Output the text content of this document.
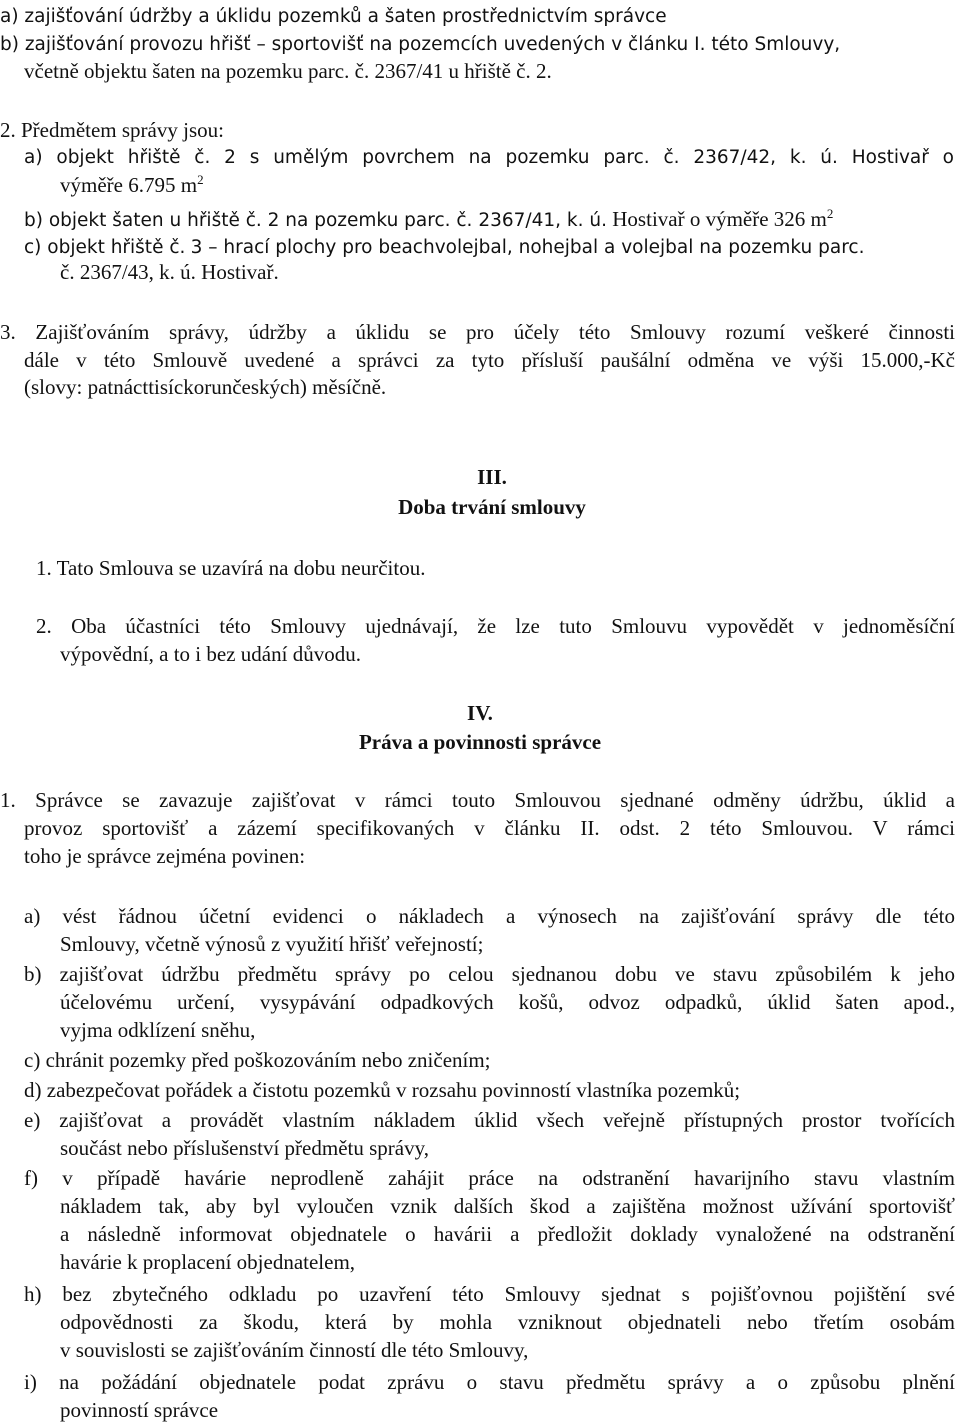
a) zajišťování údržby a úklidu pozemků a šaten prostřednictvím správce
b) zajišťování provozu hřišť – sportovišť na pozemcích uvedených v článku I. této Smlouvy,
včetně objektu šaten na pozemku parc. č. 2367/41 u hřiště č. 2.
2. Předmětem správy jsou:
a) objekt hřiště č. 2 s umělým povrchem na pozemku parc. č. 2367/42, k. ú. Hostivař o
výměře 6.795 $m^2$
b) objekt šaten u hřiště č. 2 na pozemku parc. č. 2367/41, k. ú. Hostivař o výměře 326 $m^2$
c) objekt hřiště č. 3 – hrací plochy pro beachvolejbal, nohejbal a volejbal na pozemku parc.
č. 2367/43, k. ú. Hostivař.
3. Zajišťováním správy, údržby a úklidu se pro účely této Smlouvy rozumí veškeré činnosti
dále v této Smlouvě uvedené a správci za tyto přísluší paušální odměna ve výši 15.000,-Kč
(slovy: patnácttisíckorunčeských) měsíčně.
III.
Doba trvání smlouvy
1. Tato Smlouva se uzavírá na dobu neurčitou.
2. Oba účastníci této Smlouvy ujednávají, že lze tuto Smlouvu vypovědět v jednoměsíční
výpovědní, a to i bez udání důvodu.
IV.
Práva a povinnosti správce
1. Správce se zavazuje zajišťovat v rámci touto Smlouvou sjednané odměny údržbu, úklid a
provoz sportovišť a zázemí specifikovaných v článku II. odst. 2 této Smlouvou. V rámci
toho je správce zejména povinen:
a) vést řádnou účetní evidenci o nákladech a výnosech na zajišťování správy dle této
Smlouvy, včetně výnosů z využití hřišť veřejností;
b) zajišťovat údržbu předmětu správy po celou sjednanou dobu ve stavu způsobilém k jeho
účelovému určení, vysypávání odpadkových košů, odvoz odpadků, úklid šaten apod.,
vyjma odklízení sněhu,
c) chránit pozemky před poškozováním nebo zničením;
d) zabezpečovat pořádek a čistotu pozemků v rozsahu povinností vlastníka pozemků;
e) zajišťovat a provádět vlastním nákladem úklid všech veřejně přístupných prostor tvořících
součást nebo příslušenství předmětu správy,
f) v případě havárie neprodleně zahájit práce na odstranění havarijního stavu vlastním
nákladem tak, aby byl vyloučen vznik dalších škod a zajištěna možnost užívání sportovišť
a následně informovat objednatele o havárii a předložit doklady vynaložené na odstranění
havárie k proplacení objednatelem,
h) bez zbytečného odkladu po uzavření této Smlouvy sjednat s pojišťovnou pojištění své
odpovědnosti za škodu, která by mohla vzniknout objednateli nebo třetím osobám
v souvislosti se zajišťováním činností dle této Smlouvy,
i) na požádání objednatele podat zprávu o stavu předmětu správy a o způsobu plnění
povinností správce
